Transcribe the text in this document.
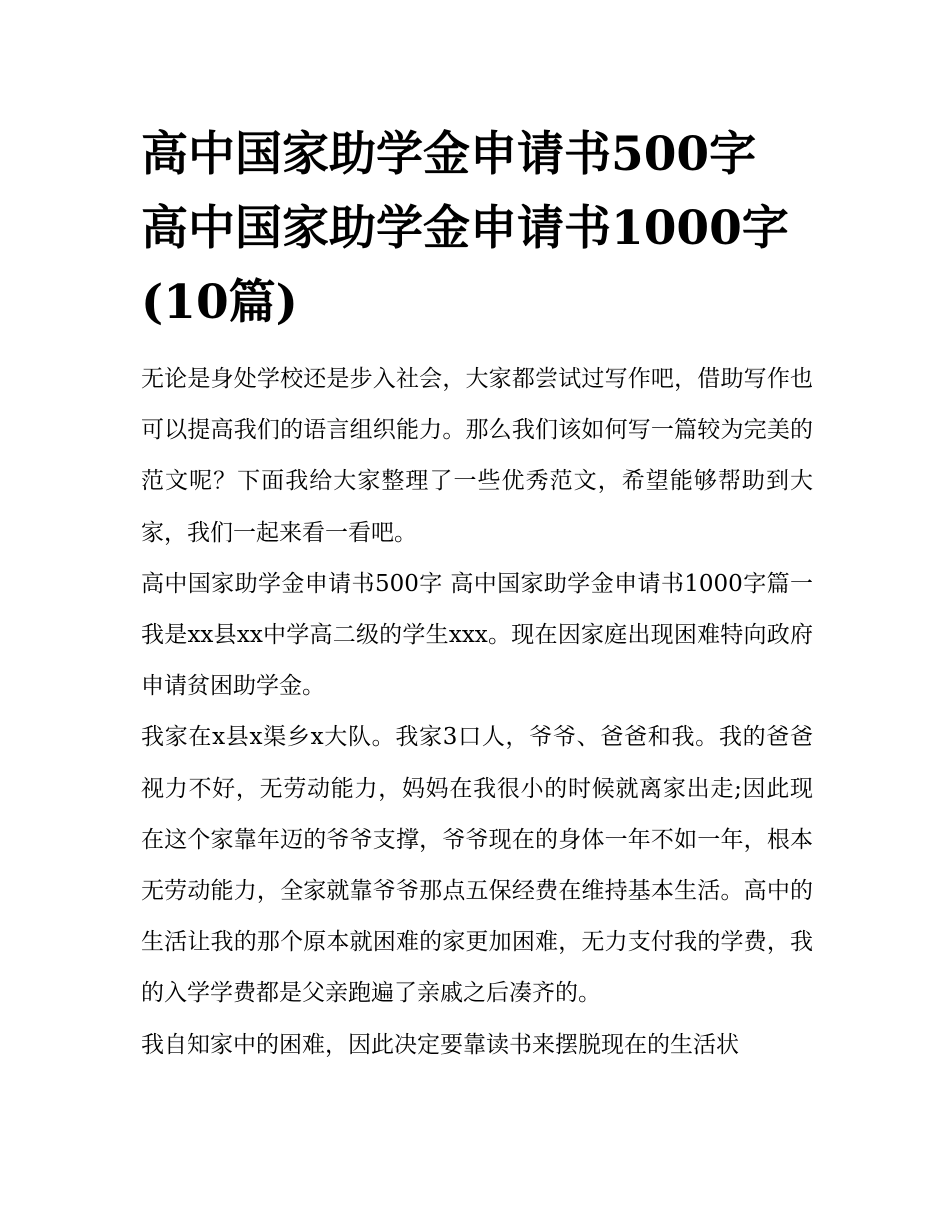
高中国家助学金申请书500字
高中国家助学金申请书1000字
(10篇)

无论是身处学校还是步入社会，大家都尝试过写作吧，借助写作也可以提高我们的语言组织能力。那么我们该如何写一篇较为完美的范文呢？下面我给大家整理了一些优秀范文，希望能够帮助到大家，我们一起来看一看吧。

高中国家助学金申请书500字 高中国家助学金申请书1000字篇一 我是xx县xx中学高二级的学生xxx。现在因家庭出现困难特向政府申请贫困助学金。

我家在x县x渠乡x大队。我家3口人，爷爷、爸爸和我。我的爸爸视力不好，无劳动能力，妈妈在我很小的时候就离家出走;因此现在这个家靠年迈的爷爷支撑，爷爷现在的身体一年不如一年，根本无劳动能力，全家就靠爷爷那点五保经费在维持基本生活。高中的生活让我的那个原本就困难的家更加困难，无力支付我的学费，我的入学学费都是父亲跑遍了亲戚之后凑齐的。

我自知家中的困难，因此决定要靠读书来摆脱现在的生活状
